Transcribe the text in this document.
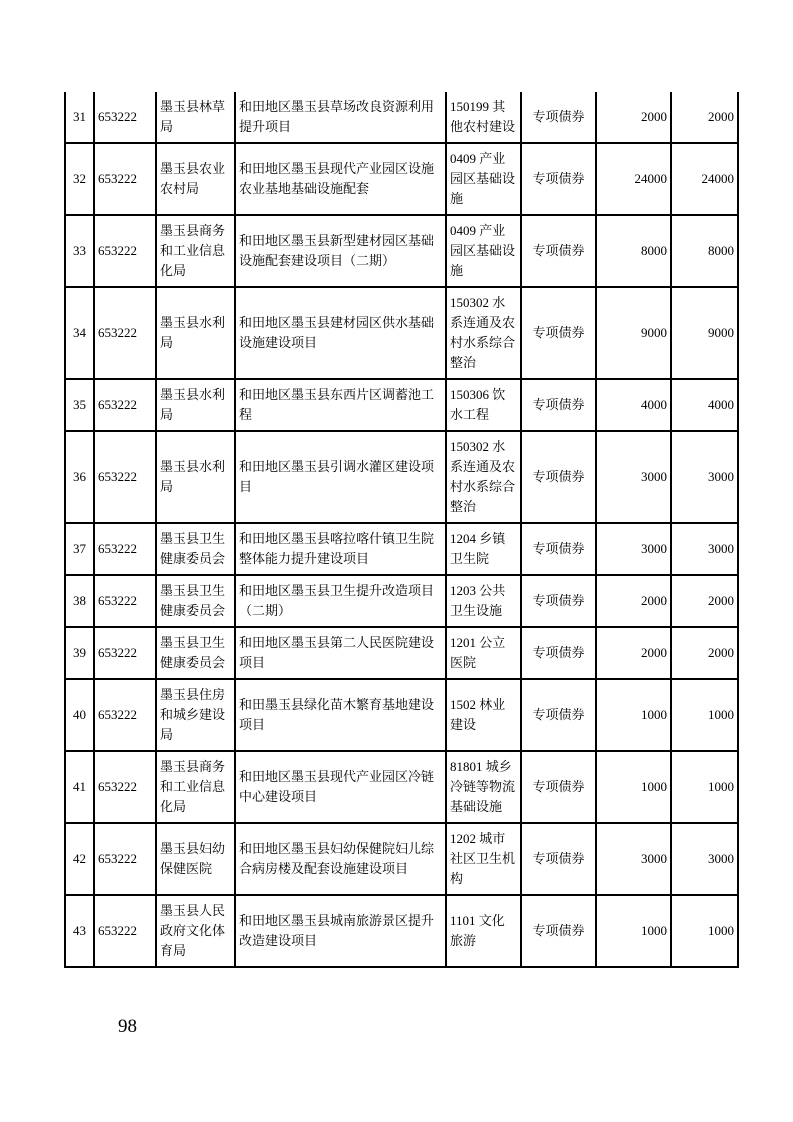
31	653222	墨玉县林草局	和田地区墨玉县草场改良资源利用提升项目	150199 其他农村建设	专项债券	2000	2000
32	653222	墨玉县农业农村局	和田地区墨玉县现代产业园区设施农业基地基础设施配套	0409 产业园区基础设施	专项债券	24000	24000
33	653222	墨玉县商务和工业信息化局	和田地区墨玉县新型建材园区基础设施配套建设项目（二期）	0409 产业园区基础设施	专项债券	8000	8000
34	653222	墨玉县水利局	和田地区墨玉县建材园区供水基础设施建设项目	150302 水系连通及农村水系综合整治	专项债券	9000	9000
35	653222	墨玉县水利局	和田地区墨玉县东西片区调蓄池工程	150306 饮水工程	专项债券	4000	4000
36	653222	墨玉县水利局	和田地区墨玉县引调水灌区建设项目	150302 水系连通及农村水系综合整治	专项债券	3000	3000
37	653222	墨玉县卫生健康委员会	和田地区墨玉县喀拉喀什镇卫生院整体能力提升建设项目	1204 乡镇卫生院	专项债券	3000	3000
38	653222	墨玉县卫生健康委员会	和田地区墨玉县卫生提升改造项目（二期）	1203 公共卫生设施	专项债券	2000	2000
39	653222	墨玉县卫生健康委员会	和田地区墨玉县第二人民医院建设项目	1201 公立医院	专项债券	2000	2000
40	653222	墨玉县住房和城乡建设局	和田墨玉县绿化苗木繁育基地建设项目	1502 林业建设	专项债券	1000	1000
41	653222	墨玉县商务和工业信息化局	和田地区墨玉县现代产业园区冷链中心建设项目	81801 城乡冷链等物流基础设施	专项债券	1000	1000
42	653222	墨玉县妇幼保健医院	和田地区墨玉县妇幼保健院妇儿综合病房楼及配套设施建设项目	1202 城市社区卫生机构	专项债券	3000	3000
43	653222	墨玉县人民政府文化体育局	和田地区墨玉县城南旅游景区提升改造建设项目	1101 文化旅游	专项债券	1000	1000
98
